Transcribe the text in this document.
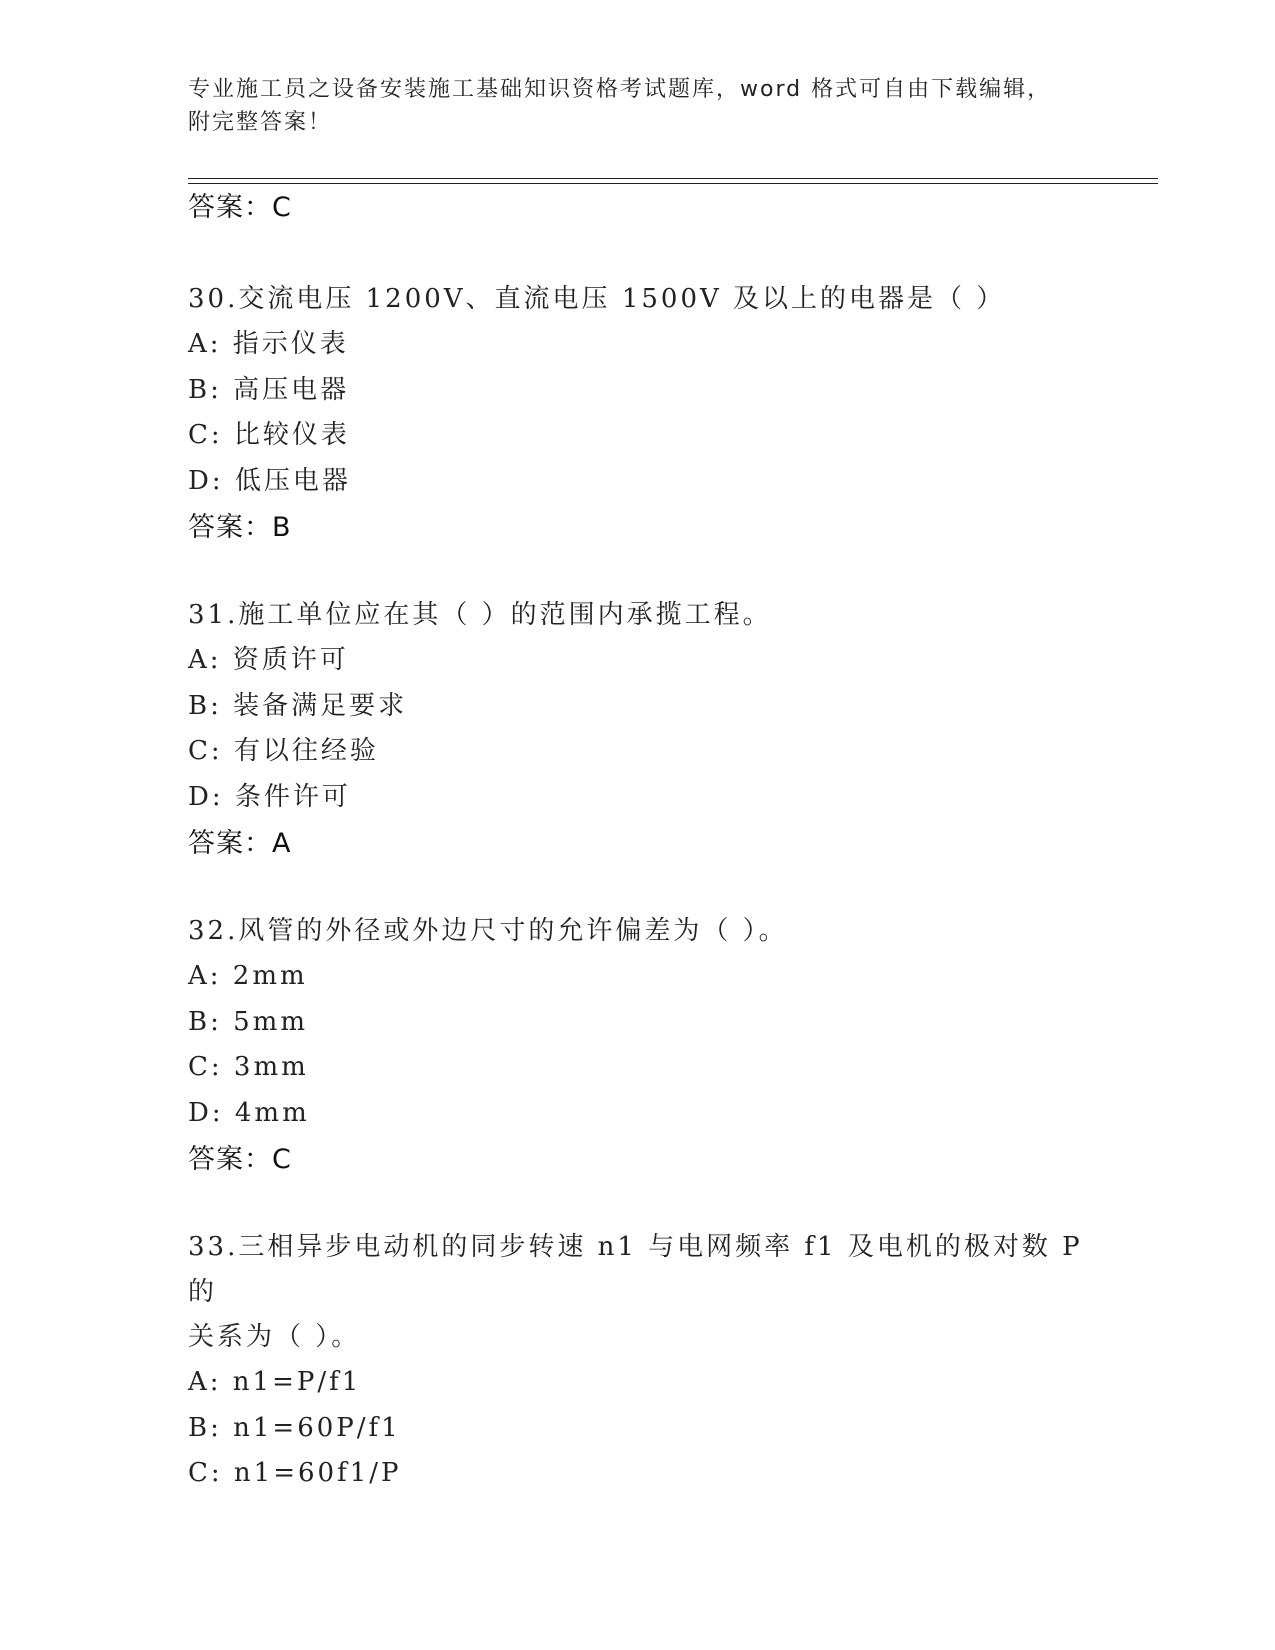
专业施工员之设备安装施工基础知识资格考试题库，word 格式可自由下载编辑，
附完整答案！
答案：C
30.交流电压 1200V、直流电压 1500V 及以上的电器是（ ）
A: 指示仪表
B: 高压电器
C: 比较仪表
D: 低压电器
答案：B
31.施工单位应在其（ ）的范围内承揽工程。
A: 资质许可
B: 装备满足要求
C: 有以往经验
D: 条件许可
答案：A
32.风管的外径或外边尺寸的允许偏差为（ ）。
A: 2mm
B: 5mm
C: 3mm
D: 4mm
答案：C
33.三相异步电动机的同步转速 n1 与电网频率 f1 及电机的极对数 P 的
关系为（ ）。
A: n1=P/f1
B: n1=60P/f1
C: n1=60f1/P
